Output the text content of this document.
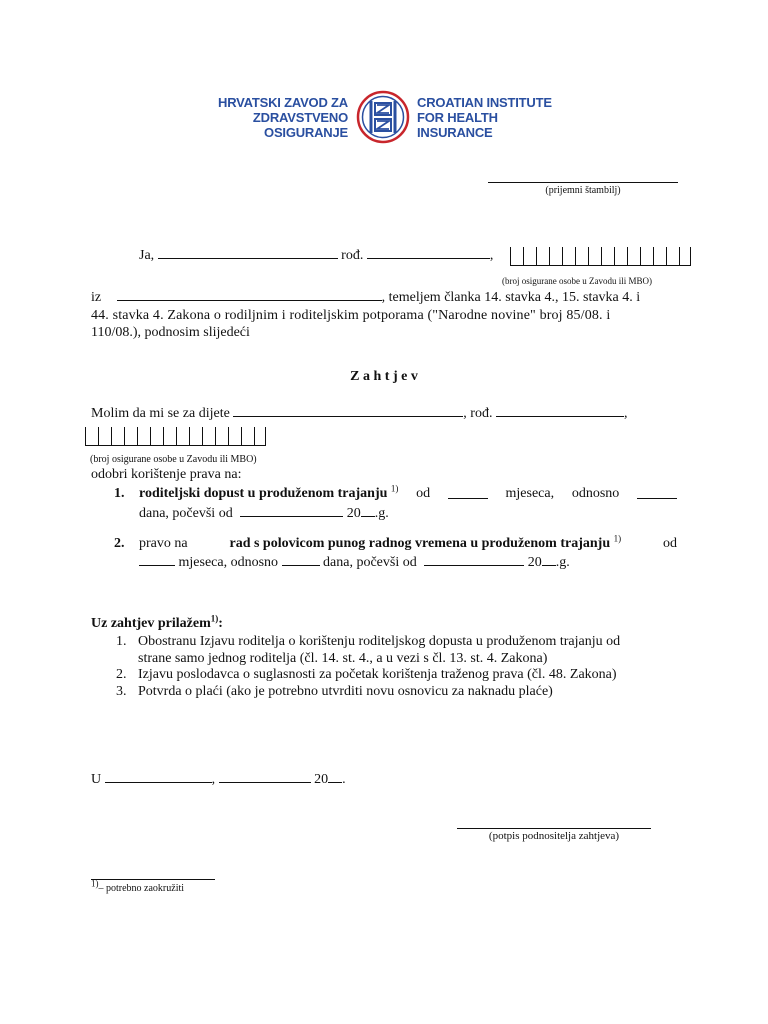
HRVATSKI ZAVOD ZA
ZDRAVSTVENO
OSIGURANJE
CROATIAN INSTITUTE
FOR HEALTH
INSURANCE
(prijemni štambilj)
Ja,	rođ.	,
(broj osigurane osobe u Zavodu ili MBO)
iz	, temeljem članka 14. stavka 4., 15. stavka 4. i
44. stavka 4. Zakona o rodiljnim i roditeljskim potporama ("Narodne novine" broj 85/08. i
110/08.), podnosim slijedeći
Z a h t j e v
Molim da mi se za dijete	, rođ.	,
(broj osigurane osobe u Zavodu ili MBO)
odobri korištenje prava na:
1. roditeljski dopust u produženom trajanju $^{1)}$ od	mjeseca, odnosno
dana, počevši od	20 .g.
2. pravo na	rad s polovicom punog radnog vremena u produženom trajanju $^{1)}$	od
mjeseca, odnosno	dana, počevši od	20 .g.
Uz zahtjev prilažem$^{1)}$:
1. Obostranu Izjavu roditelja o korištenju roditeljskog dopusta u produženom trajanju od
strane samo jednog roditelja (čl. 14. st. 4., a u vezi s čl. 13. st. 4. Zakona)
2. Izjavu poslodavca o suglasnosti za početak korištenja traženog prava (čl. 48. Zakona)
3. Potvrda o plaći (ako je potrebno utvrditi novu osnovicu za naknadu plaće)
U	,	20 .
(potpis podnositelja zahtjeva)
$^{1)}$– potrebno zaokružiti
